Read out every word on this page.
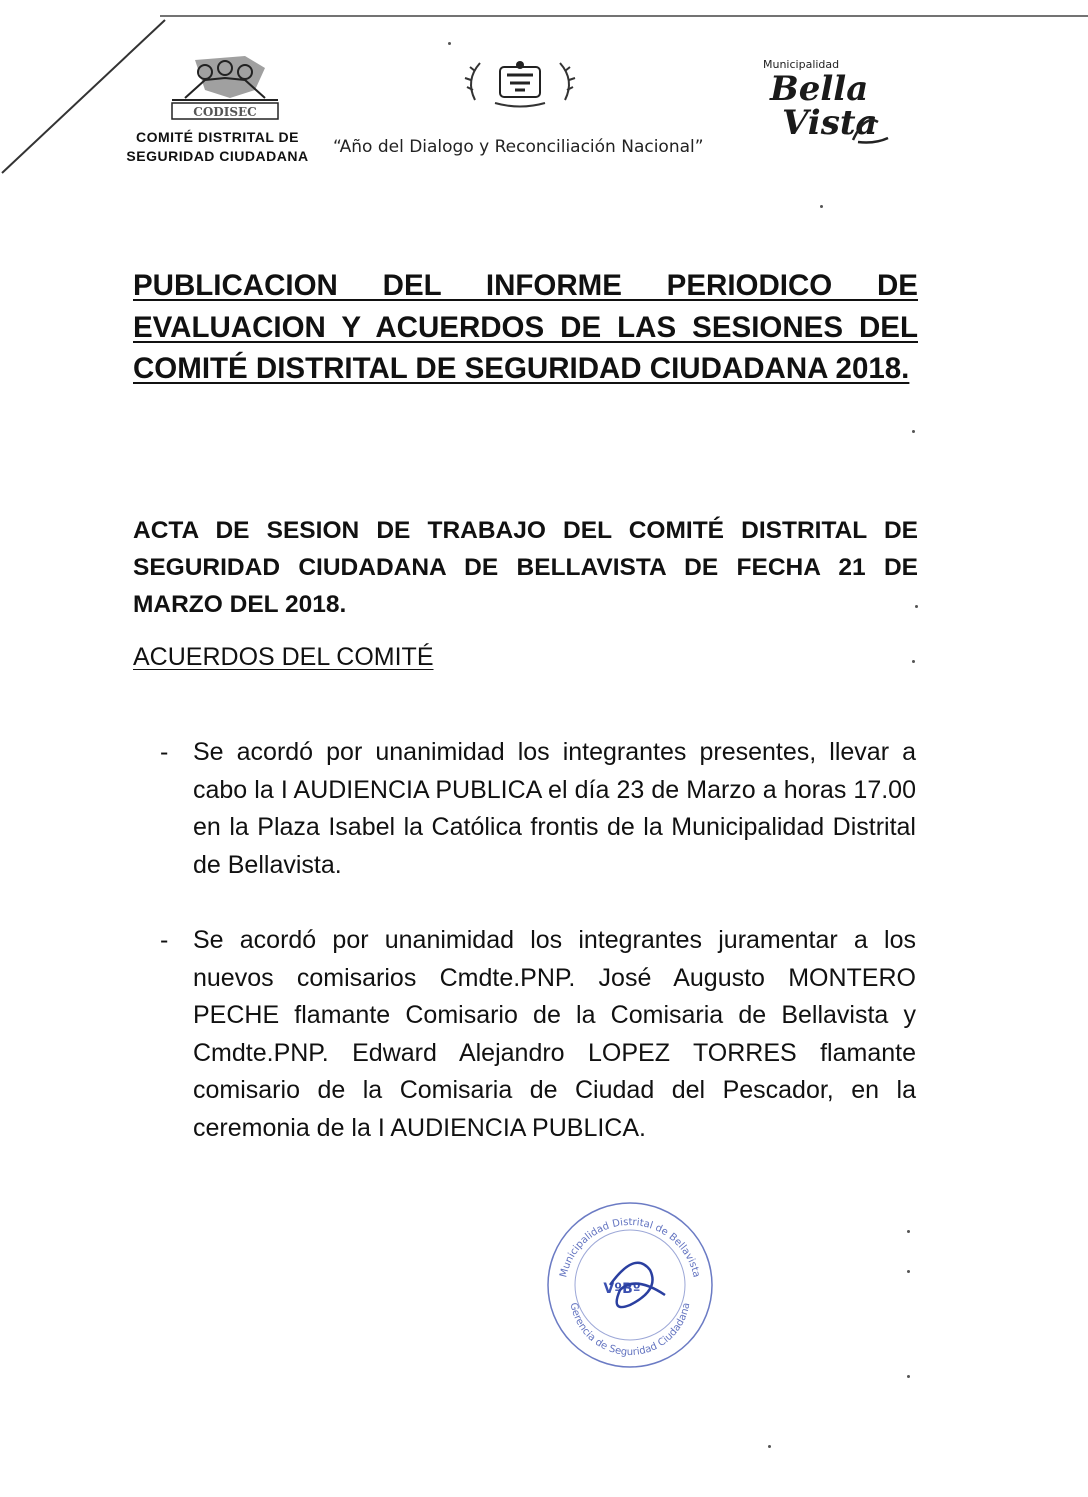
CODISEC
COMITÉ DISTRITAL DE
SEGURIDAD CIUDADANA	“Año del Dialogo y Reconciliación Nacional”
Municipalidad
Bella
Vista
PUBLICACION DEL INFORME PERIODICO DE EVALUACION Y ACUERDOS DE LAS SESIONES DEL COMITÉ DISTRITAL DE SEGURIDAD CIUDADANA 2018.
ACTA DE SESION DE TRABAJO DEL COMITÉ DISTRITAL DE SEGURIDAD CIUDADANA DE BELLAVISTA DE FECHA 21 DE MARZO DEL 2018.
ACUERDOS DEL COMITÉ
- Se acordó por unanimidad los integrantes presentes, llevar a cabo la I AUDIENCIA PUBLICA el día 23 de Marzo a horas 17.00 en la Plaza Isabel la Católica frontis de la Municipalidad Distrital de Bellavista.
- Se acordó por unanimidad los integrantes juramentar a los nuevos comisarios Cmdte.PNP. José Augusto MONTERO PECHE flamante Comisario de la Comisaria de Bellavista y Cmdte.PNP. Edward Alejandro LOPEZ TORRES flamante comisario de la Comisaria de Ciudad del Pescador, en la ceremonia de la I AUDIENCIA PUBLICA.
Municipalidad Distrital de Bellavista
Gerencia de Seguridad Ciudadana
VºBº
